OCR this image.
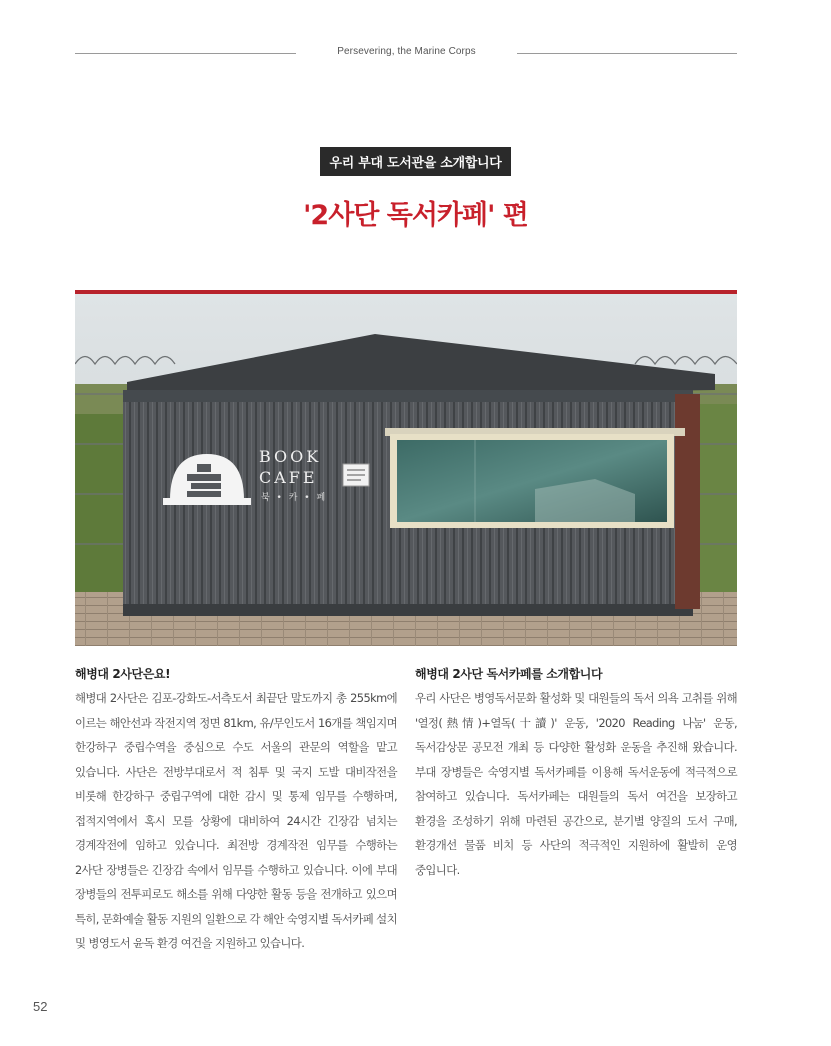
Persevering, the Marine Corps
우리 부대 도서관을 소개합니다
'2사단 독서카페' 편
BOOK
CAFE
북 • 카 • 페
해병대 2사단은요!

해병대 2사단은 김포-강화도-서측도서 최끝단 말도까지 총 255km에 이르는 해안선과 작전지역 정면 81km, 유/무인도서 16개를 책임지며 한강하구 중립수역을 중심으로 수도 서울의 관문의 역할을 맡고 있습니다. 사단은 전방부대로서 적 침투 및 국지 도발 대비작전을 비롯해 한강하구 중립구역에 대한 감시 및 통제 임무를 수행하며, 접적지역에서 혹시 모를 상황에 대비하여 24시간 긴장감 넘치는 경계작전에 임하고 있습니다. 최전방 경계작전 임무를 수행하는 2사단 장병들은 긴장감 속에서 임무를 수행하고 있습니다. 이에 부대 장병들의 전투피로도 해소를 위해 다양한 활동 등을 전개하고 있으며 특히, 문화예술 활동 지원의 일환으로 각 해안 숙영지별 독서카페 설치 및 병영도서 윤독 환경 여건을 지원하고 있습니다.

해병대 2사단 독서카페를 소개합니다

우리 사단은 병영독서문화 활성화 및 대원들의 독서 의욕 고취를 위해 '열정(熱情)+열독(十讀)' 운동, '2020 Reading 나눔' 운동, 독서감상문 공모전 개최 등 다양한 활성화 운동을 추진해 왔습니다. 부대 장병들은 숙영지별 독서카페를 이용해 독서운동에 적극적으로 참여하고 있습니다. 독서카페는 대원들의 독서 여건을 보장하고 환경을 조성하기 위해 마련된 공간으로, 분기별 양질의 도서 구매, 환경개선 물품 비치 등 사단의 적극적인 지원하에 활발히 운영 중입니다.

52
